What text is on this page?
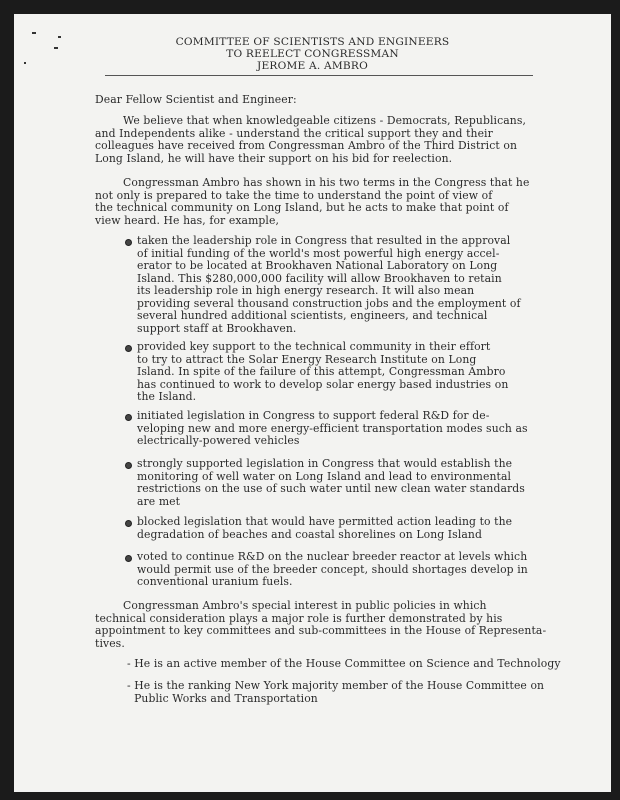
COMMITTEE OF SCIENTISTS AND ENGINEERS
TO REELECT CONGRESSMAN
JEROME A. AMBRO
Dear Fellow Scientist and Engineer:
We believe that when knowledgeable citizens - Democrats, Republicans,
and Independents alike - understand the critical support they and their
colleagues have received from Congressman Ambro of the Third District on
Long Island, he will have their support on his bid for reelection.
Congressman Ambro has shown in his two terms in the Congress that he
not only is prepared to take the time to understand the point of view of
the technical community on Long Island, but he acts to make that point of
view heard. He has, for example,
taken the leadership role in Congress that resulted in the approval
of initial funding of the world's most powerful high energy accel-
erator to be located at Brookhaven National Laboratory on Long
Island. This $280,000,000 facility will allow Brookhaven to retain
its leadership role in high energy research. It will also mean
providing several thousand construction jobs and the employment of
several hundred additional scientists, engineers, and technical
support staff at Brookhaven.
provided key support to the technical community in their effort
to try to attract the Solar Energy Research Institute on Long
Island. In spite of the failure of this attempt, Congressman Ambro
has continued to work to develop solar energy based industries on
the Island.
initiated legislation in Congress to support federal R&D for de-
veloping new and more energy-efficient transportation modes such as
electrically-powered vehicles
strongly supported legislation in Congress that would establish the
monitoring of well water on Long Island and lead to environmental
restrictions on the use of such water until new clean water standards
are met
blocked legislation that would have permitted action leading to the
degradation of beaches and coastal shorelines on Long Island
voted to continue R&D on the nuclear breeder reactor at levels which
would permit use of the breeder concept, should shortages develop in
conventional uranium fuels.
Congressman Ambro's special interest in public policies in which
technical consideration plays a major role is further demonstrated by his
appointment to key committees and sub-committees in the House of Representa-
tives.
- He is an active member of the House Committee on Science and Technology
- He is the ranking New York majority member of the House Committee on
Public Works and Transportation
